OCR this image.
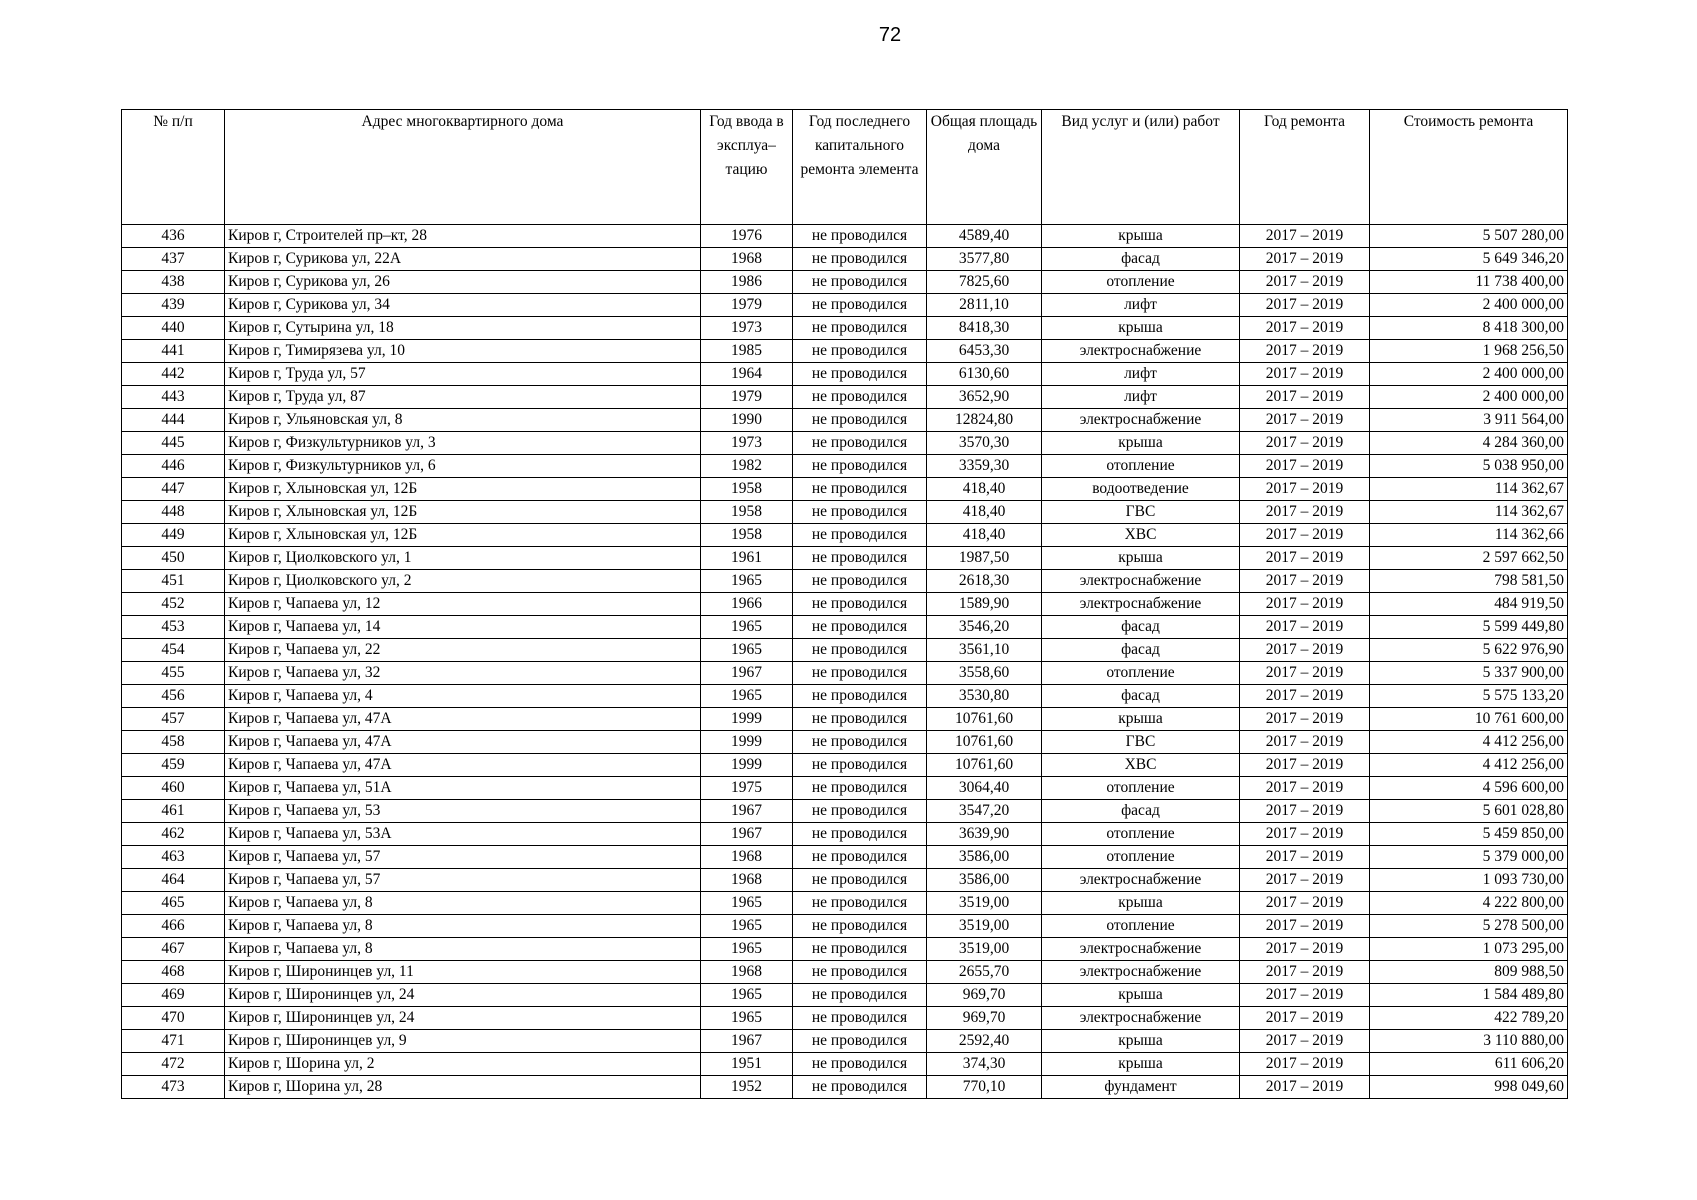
72
№ п/п	Адрес многоквартирного дома	Год ввода в эксплуа–тацию	Год последнего капитального ремонта элемента	Общая площадь дома	Вид услуг и (или) работ	Год ремонта	Стоимость ремонта
436	Киров г, Строителей пр–кт, 28	1976	не проводился	4589,40	крыша	2017 – 2019	5 507 280,00
437	Киров г, Сурикова ул, 22А	1968	не проводился	3577,80	фасад	2017 – 2019	5 649 346,20
438	Киров г, Сурикова ул, 26	1986	не проводился	7825,60	отопление	2017 – 2019	11 738 400,00
439	Киров г, Сурикова ул, 34	1979	не проводился	2811,10	лифт	2017 – 2019	2 400 000,00
440	Киров г, Сутырина ул, 18	1973	не проводился	8418,30	крыша	2017 – 2019	8 418 300,00
441	Киров г, Тимирязева ул, 10	1985	не проводился	6453,30	электроснабжение	2017 – 2019	1 968 256,50
442	Киров г, Труда ул, 57	1964	не проводился	6130,60	лифт	2017 – 2019	2 400 000,00
443	Киров г, Труда ул, 87	1979	не проводился	3652,90	лифт	2017 – 2019	2 400 000,00
444	Киров г, Ульяновская ул, 8	1990	не проводился	12824,80	электроснабжение	2017 – 2019	3 911 564,00
445	Киров г, Физкультурников ул, 3	1973	не проводился	3570,30	крыша	2017 – 2019	4 284 360,00
446	Киров г, Физкультурников ул, 6	1982	не проводился	3359,30	отопление	2017 – 2019	5 038 950,00
447	Киров г, Хлыновская ул, 12Б	1958	не проводился	418,40	водоотведение	2017 – 2019	114 362,67
448	Киров г, Хлыновская ул, 12Б	1958	не проводился	418,40	ГВС	2017 – 2019	114 362,67
449	Киров г, Хлыновская ул, 12Б	1958	не проводился	418,40	ХВС	2017 – 2019	114 362,66
450	Киров г, Циолковского ул, 1	1961	не проводился	1987,50	крыша	2017 – 2019	2 597 662,50
451	Киров г, Циолковского ул, 2	1965	не проводился	2618,30	электроснабжение	2017 – 2019	798 581,50
452	Киров г, Чапаева ул, 12	1966	не проводился	1589,90	электроснабжение	2017 – 2019	484 919,50
453	Киров г, Чапаева ул, 14	1965	не проводился	3546,20	фасад	2017 – 2019	5 599 449,80
454	Киров г, Чапаева ул, 22	1965	не проводился	3561,10	фасад	2017 – 2019	5 622 976,90
455	Киров г, Чапаева ул, 32	1967	не проводился	3558,60	отопление	2017 – 2019	5 337 900,00
456	Киров г, Чапаева ул, 4	1965	не проводился	3530,80	фасад	2017 – 2019	5 575 133,20
457	Киров г, Чапаева ул, 47А	1999	не проводился	10761,60	крыша	2017 – 2019	10 761 600,00
458	Киров г, Чапаева ул, 47А	1999	не проводился	10761,60	ГВС	2017 – 2019	4 412 256,00
459	Киров г, Чапаева ул, 47А	1999	не проводился	10761,60	ХВС	2017 – 2019	4 412 256,00
460	Киров г, Чапаева ул, 51А	1975	не проводился	3064,40	отопление	2017 – 2019	4 596 600,00
461	Киров г, Чапаева ул, 53	1967	не проводился	3547,20	фасад	2017 – 2019	5 601 028,80
462	Киров г, Чапаева ул, 53А	1967	не проводился	3639,90	отопление	2017 – 2019	5 459 850,00
463	Киров г, Чапаева ул, 57	1968	не проводился	3586,00	отопление	2017 – 2019	5 379 000,00
464	Киров г, Чапаева ул, 57	1968	не проводился	3586,00	электроснабжение	2017 – 2019	1 093 730,00
465	Киров г, Чапаева ул, 8	1965	не проводился	3519,00	крыша	2017 – 2019	4 222 800,00
466	Киров г, Чапаева ул, 8	1965	не проводился	3519,00	отопление	2017 – 2019	5 278 500,00
467	Киров г, Чапаева ул, 8	1965	не проводился	3519,00	электроснабжение	2017 – 2019	1 073 295,00
468	Киров г, Широнинцев ул, 11	1968	не проводился	2655,70	электроснабжение	2017 – 2019	809 988,50
469	Киров г, Широнинцев ул, 24	1965	не проводился	969,70	крыша	2017 – 2019	1 584 489,80
470	Киров г, Широнинцев ул, 24	1965	не проводился	969,70	электроснабжение	2017 – 2019	422 789,20
471	Киров г, Широнинцев ул, 9	1967	не проводился	2592,40	крыша	2017 – 2019	3 110 880,00
472	Киров г, Шорина ул, 2	1951	не проводился	374,30	крыша	2017 – 2019	611 606,20
473	Киров г, Шорина ул, 28	1952	не проводился	770,10	фундамент	2017 – 2019	998 049,60
